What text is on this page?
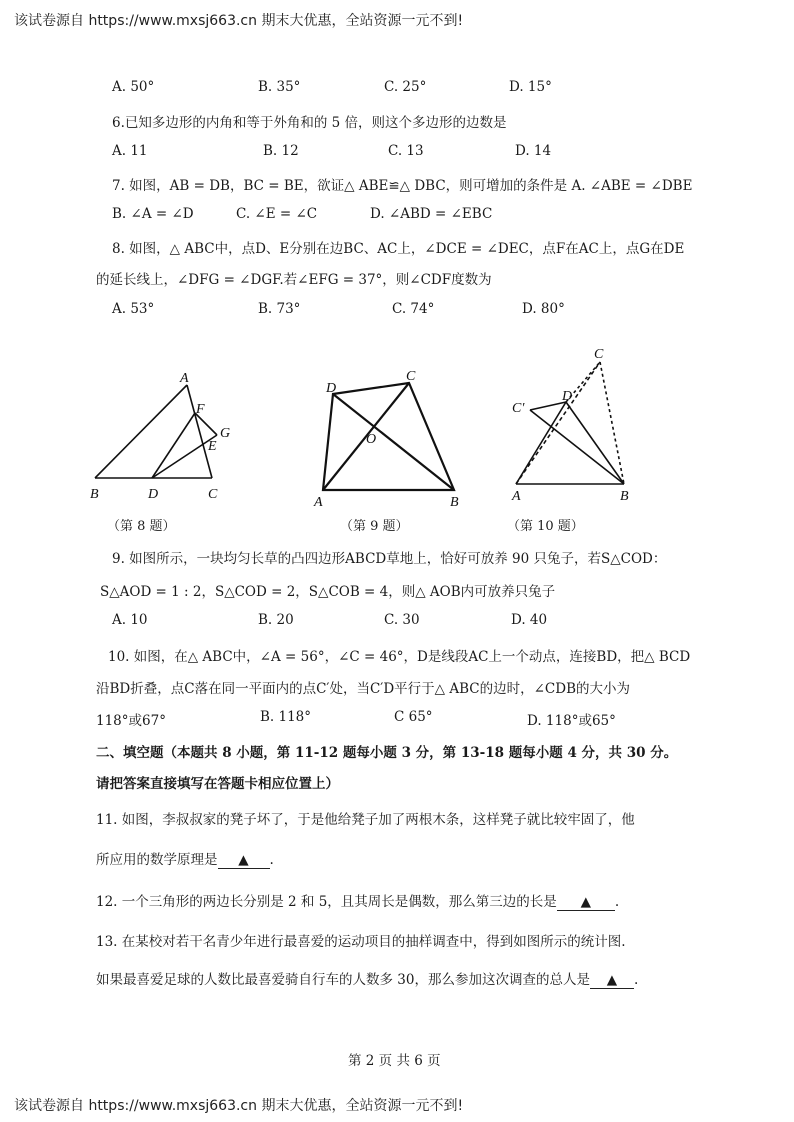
该试卷源自 https://www.mxsj663.cn 期末大优惠，全站资源一元不到!
A. 50°	B. 35°	C. 25°	D. 15°
6.已知多边形的内角和等于外角和的 5 倍，则这个多边形的边数是
A. 11	B. 12	C. 13	D. 14
7. 如图，AB = DB，BC = BE，欲证△ ABE≌△ DBC，则可增加的条件是 A. ∠ABE = ∠DBE
B. ∠A = ∠D	C. ∠E = ∠C	D. ∠ABD = ∠EBC
8. 如图，△ ABC中，点D、E分别在边BC、AC上，∠DCE = ∠DEC，点F在AC上，点G在DE
的延长线上，∠DFG = ∠DGF.若∠EFG = 37°，则∠CDF度数为
A. 53°	B. 73°	C. 74°	D. 80°
A
F
G
E
B	D	C
（第 8 题）
D
C
O
A	B
（第 9 题）
C
C′
D
A	B
（第 10 题）
9. 如图所示，一块均匀长草的凸四边形ABCD草地上，恰好可放养 90 只兔子，若S△COD：
S△AOD = 1 : 2，S△COD = 2，S△COB = 4，则△ AOB内可放养只兔子
A. 10	B. 20	C. 30	D. 40
10. 如图，在△ ABC中，∠A = 56°，∠C = 46°，D是线段AC上一个动点，连接BD，把△ BCD
沿BD折叠，点C落在同一平面内的点C′处，当C′D平行于△ ABC的边时，∠CDB的大小为
118°或67°	B. 118°	C 65°	D. 118°或65°
二、填空题（本题共 8 小题，第 11-12 题每小题 3 分，第 13-18 题每小题 4 分，共 30 分。
请把答案直接填写在答题卡相应位置上）
11. 如图，李叔叔家的凳子坏了，于是他给凳子加了两根木条，这样凳子就比较牢固了，他
所应用的数学原理是 ▲ .
12. 一个三角形的两边长分别是 2 和 5，且其周长是偶数，那么第三边的长是 ▲ .
13. 在某校对若干名青少年进行最喜爱的运动项目的抽样调查中，得到如图所示的统计图.
如果最喜爱足球的人数比最喜爱骑自行车的人数多 30，那么参加这次调查的总人是 ▲ .
第 2 页 共 6 页
该试卷源自 https://www.mxsj663.cn 期末大优惠，全站资源一元不到!
